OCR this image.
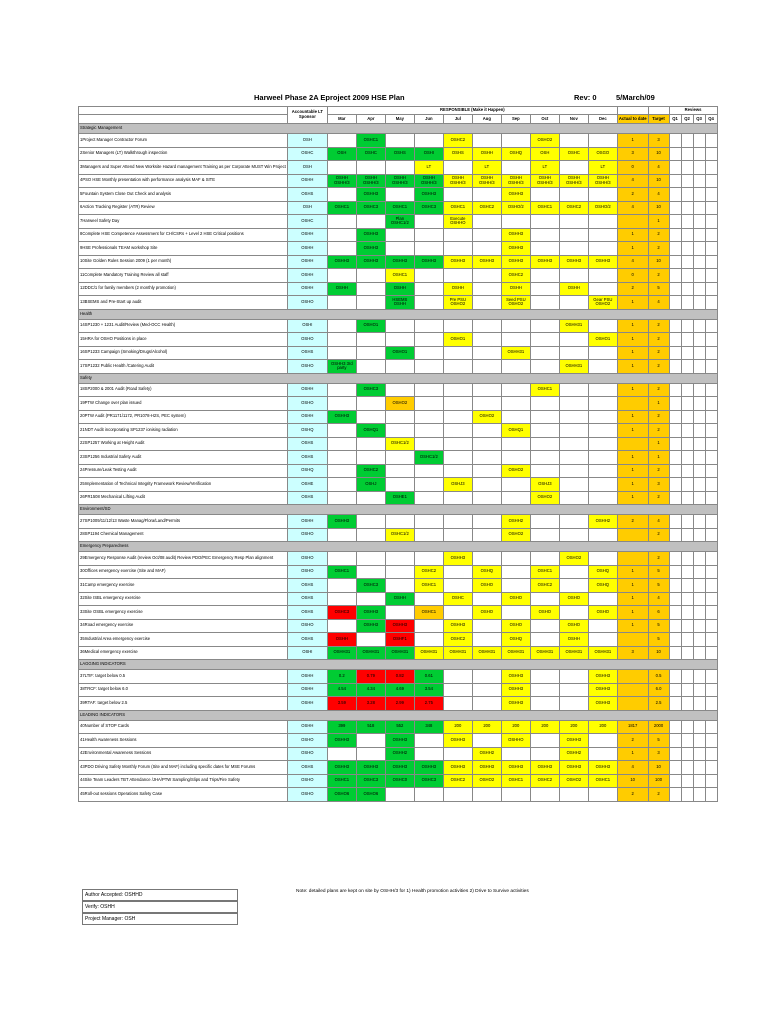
Harweel Phase 2A Eproject 2009 HSE Plan	Rev: 0	5/March/09
	Accountable LT Sponsor	RESPONSIBLE (Make it Happen)												Reviews			
		Mar	Apr	May	Jun	Jul	Aug	Sep	Oct	Nov	Dec	Actual to date	Target	Q1	Q2	Q3	Q4
Strategic Management																	
1Project Manager Contractor Forum	OSH		OSHC1			OSHC2			OSHO2			1	3				
2Senior Managers (LT) Walkthrough inspection	OSHC	OSH	OSHC	OSHS	OSHI	OSHS	OSHH	OSHQ	OSH	OSHC	OSGO	3	10				
3Managers and Super Attend New Worksite Hazard management Training as per Corporate MUST Win Project	OSH				LT		LT		LT		LT	0	4				
4PSO HSE Monthly presentation with performance analysis MAF & SITE	OSHH	OSHH OSHH/3	OSHH OSHH/3	OSHH OSHH/3	OSHH OSHH/3	OSHH OSHH/3	OSHH OSHH/3	OSHH OSHH/3	OSHH OSHH/3	OSHH OSHH/3	OSHH OSHH/3	4	10				
5Fountain System Close Out Check and analysis	OSHS		OSHH3		OSHH3			OSHH3				2	4				
6Action Tracking Register (ATR) Review	OSH	OSHC1	OSHC3	OSHC1	OSHC3	OSHC1	OSHC2	OSHO/2	OSHC1	OSHC2	OSHO/2	4	10				
7Harweel Safety Day	OSHC			Plan OSHC1/2		Execute OSHHO							1				
8Complete HSE Competence Assessment for CH/CSRs + Level 2 HSE Critical positions	OSHH		OSHH3					OSHH3				1	2				
9HSE Professionals TEAM workshop Site	OSHH		OSHH3					OSHH3				1	2				
10Site Golden Rules Session 2009 (1 per month)	OSHH	OSHH3	OSHH3	OSHH3	OSHH3	OSHH3	OSHH3	OSHH3	OSHH3	OSHH3	OSHH3	4	10				
11Complete Mandatory Training Review all staff	OSHH			OSHC1				OSHC2				0	2				
12DDC/1 for family members (2 monthly promotion)	OSHH	OSHH		OSHH		OSHH		OSHH		OSHH		2	5				
13BSEMS and Pre-Start up audit	OSHO			HSEMS OSHH		Pre PSU OSHO2		Seed PSU OSHO2			Gear PSU OSHO2	1	4				
Health																	
14SP1230 + 1231 Audit/Review (Med-OCC Health)	OSHI		OSHO1							OSHH31		1	2				
15HRA for OSHO Positions in place	OSHO					OSHO1					OSHO1	1	2				
16SP1233 Campaign (Smoking/Drugs/Alcohol)	OSHS			OSHO1				OSHH31				1	2				
17SP1232 Public Health /Catering Audit	OSHO	OSHH3 3rd party								OSHH31		1	2				
Safety																	
18SP2000 & 2001 Audit (Road Safety)	OSHH		OSHC3						OSHC1			1	2				
19PTW Change over plan issued	OSHO			OSHO2									1				
20PTW Audit (PR1171/1172, PR1078-H2S, PEC system)	OSHH	OSHH3					OSHO2					1	2				
21NDT Audit incorporating SP1237 ionising radiation	OSHQ		OSHQ1					OSHQ1				1	2				
22SP1257 Working at Height Audit	OSHS			OSHC1/2									1				
23SP1256 Industrial Safety Audit	OSHS				OSHC1/2							1	1				
24Pressure/Leak Testing Audit	OSHQ		OSHC2					OSHO2				1	2				
25Implementation of Technical Integrity Framework Review/Verification	OSHE		OSHJ			OSHJ3			OSHJ3			1	3				
26PR1508 Mechanical Lifting Audit	OSHS			OSHE1					OSHO2			1	2				
Environment/SD																	
27SP1009/11/12/13 Waste Manag/Flora/Land/Permits	OSHH	OSHH3						OSHH2			OSHH2	2	4				
28SP1194 Chemical Management	OSHO			OSHC1/2				OSHO2					2				
Emergency Preparedness																	
29Emergency Response Audit (review Oct/08 audit) Review PDO/PEC Emergency Resp Plan alignment	OSHO					OSHH3				OSHO2			2				
30Offices emergency exercise (Site and MAF)	OSHO	OSHC1			OSHC2		OSHQ		OSHC1		OSHQ	1	5				
31Camp emergency exercise	OSHS		OSHC3		OSHC1		OSHO		OSHC2		OSHQ	1	5				
32Site ISBL emergency exercise	OSHS			OSHH		OSHC		OSHO		OSHO		1	4				
33Site OSBL emergency exercise	OSHS	OSHC3	OSHH3		OSHC1		OSHO		OSHO		OSHO	1	6				
34Road emergency exercise	OSHO		OSHH3	OSHH3		OSHH3		OSHO		OSHO		1	5				
35Industrial Area emergency exercise	OSHS	OSHH		OSHF1		OSHC2		OSHQ		OSHH			5				
36Medical emergency exercise	OSHI	OSHH31	OSHH31	OSHH31	OSHH31	OSHH31	OSHH31	OSHH31	OSHH31	OSHH31	OSHH31	3	10				
LAGGING INDICATORS																	
37LTIF: target below 0.5	OSHH	0.2	0.79	0.82	0.61			OSHH3			OSHH3		0.5				
38TRCF: target below 6.0	OSHH	4.54	4.34	4.69	3.54			OSHH3			OSHH3		6.0				
39RTAF: target below 2.5	OSHH	3.59	3.28	2.99	2.75			OSHH3			OSHH3		2.5				
LEADING INDICATORS																	
40Number of STOP Cards	OSHH	399	518	552	348	200	200	200	200	200	200	1817	2000				
41Health Awareness Sessions	OSHO	OSHH3		OSHH3		OSHH3		OSHHO		OSHH3		2	5				
42Environmental Awareness Sessions	OSHO			OSHH2			OSHH2			OSHH2		1	3				
43PDO Driving Safety Monthly Forum (Site and MAF) including specific dates for MSE Forums	OSHS	OSHH3	OSHH3	OSHH3	OSHH3	OSHH3	OSHH3	OSHH3	OSHH3	OSHH3	OSHH3	4	10				
44Site Team Leaders TBT Attendance /JHA/PTW Sampling/Slips and Trips/Fire Safety	OSHO	OSHC1	OSHC3	OSHC0	OSHC3	OSHC2	OSHO2	OSHC1	OSHC2	OSHO2	OSHC1	10	100				
45Roll-out sessions Operations Safety Case	OSHO	OSHO6	OSHO6									2	2				
Author Accepted: OSHHD
Verify: OSHH
Project Manager: OSH
Note: detailed plans are kept on site by OSHH/3 for 1) Health promotion activities 2) Drive to Survive activities
